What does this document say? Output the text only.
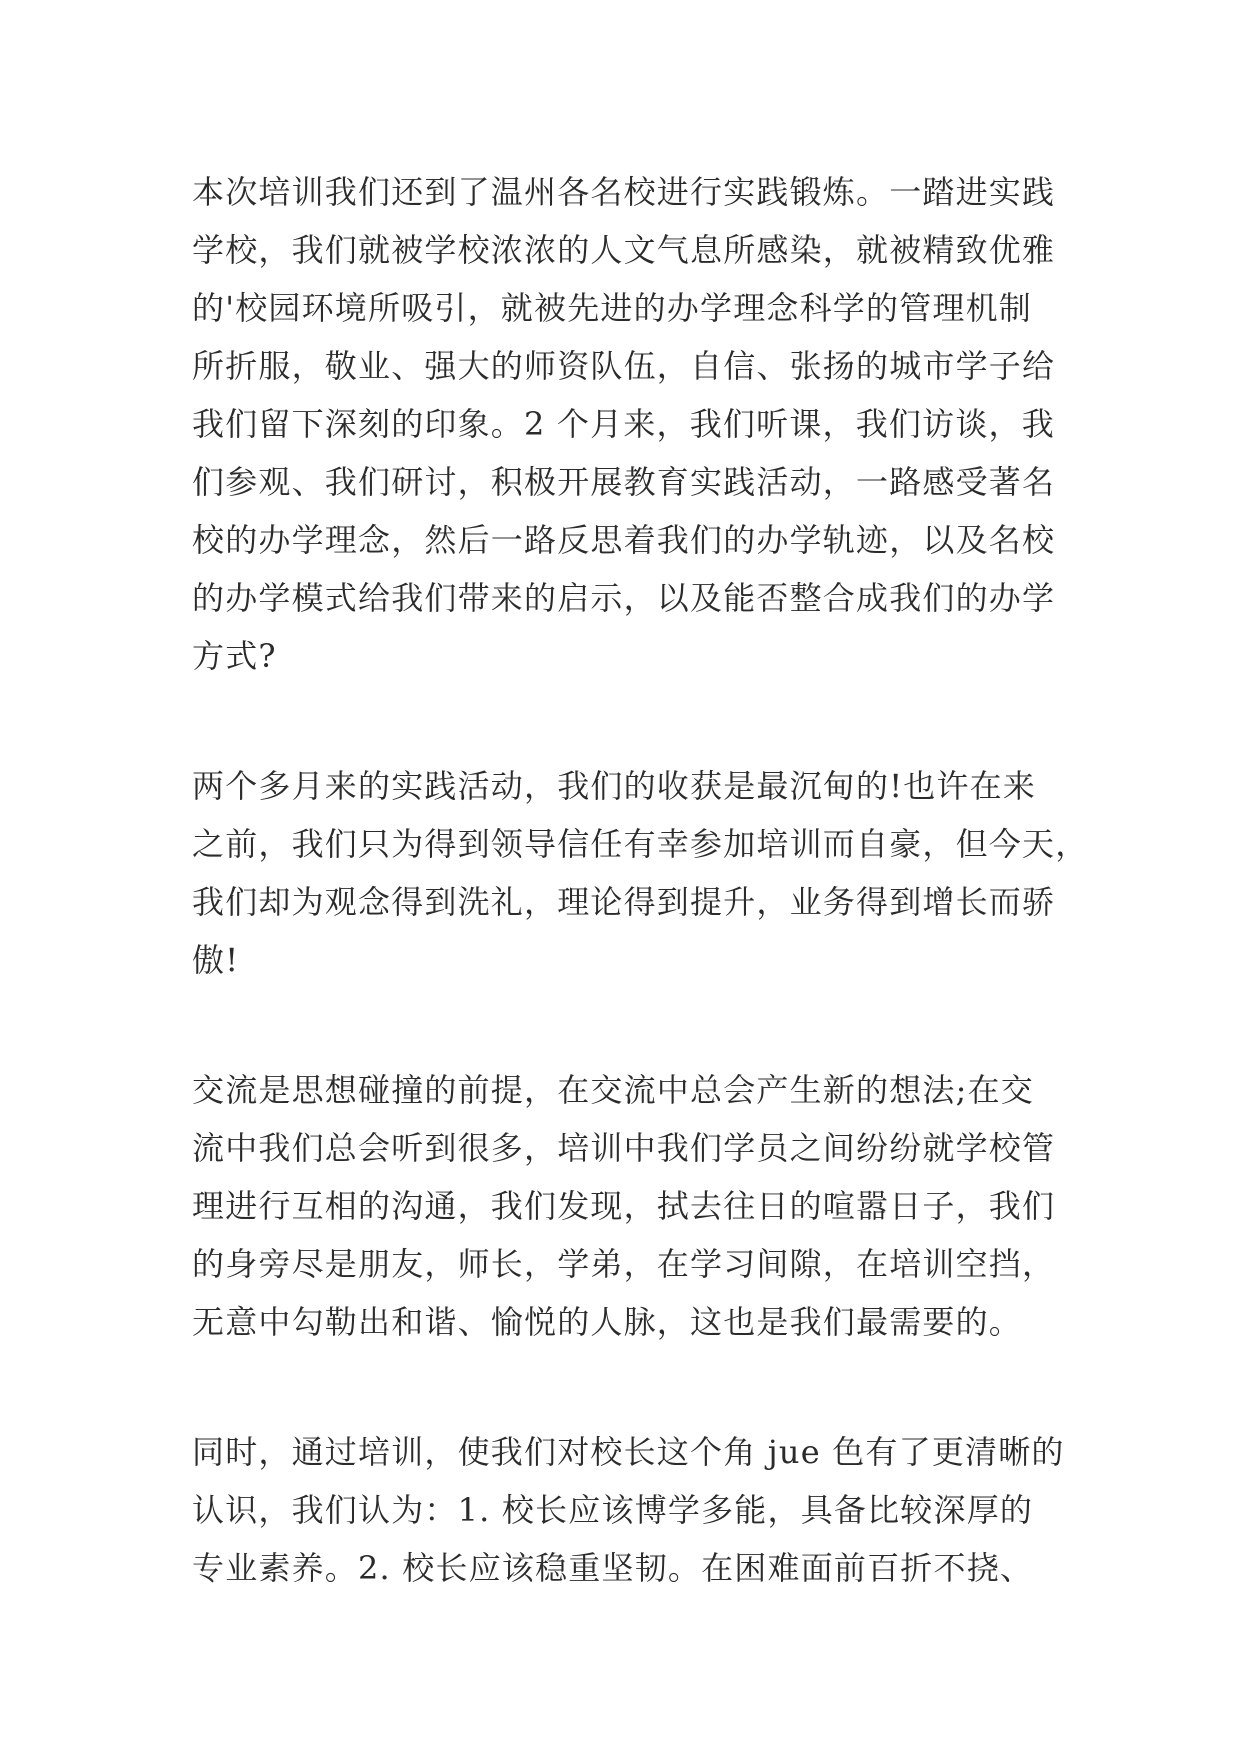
本次培训我们还到了温州各名校进行实践锻炼。一踏进实践
学校，我们就被学校浓浓的人文气息所感染，就被精致优雅
的'校园环境所吸引，就被先进的办学理念科学的管理机制
所折服，敬业、强大的师资队伍，自信、张扬的城市学子给
我们留下深刻的印象。2 个月来，我们听课，我们访谈，我
们参观、我们研讨，积极开展教育实践活动，一路感受著名
校的办学理念，然后一路反思着我们的办学轨迹，以及名校
的办学模式给我们带来的启示，以及能否整合成我们的办学
方式?
两个多月来的实践活动，我们的收获是最沉甸的!也许在来
之前，我们只为得到领导信任有幸参加培训而自豪，但今天，
我们却为观念得到洗礼，理论得到提升，业务得到增长而骄
傲!
交流是思想碰撞的前提，在交流中总会产生新的想法;在交
流中我们总会听到很多，培训中我们学员之间纷纷就学校管
理进行互相的沟通，我们发现，拭去往日的喧嚣日子，我们
的身旁尽是朋友，师长，学弟，在学习间隙，在培训空挡，
无意中勾勒出和谐、愉悦的人脉，这也是我们最需要的。
同时，通过培训，使我们对校长这个角 jue 色有了更清晰的
认识，我们认为：1. 校长应该博学多能，具备比较深厚的
专业素养。2. 校长应该稳重坚韧。在困难面前百折不挠、
